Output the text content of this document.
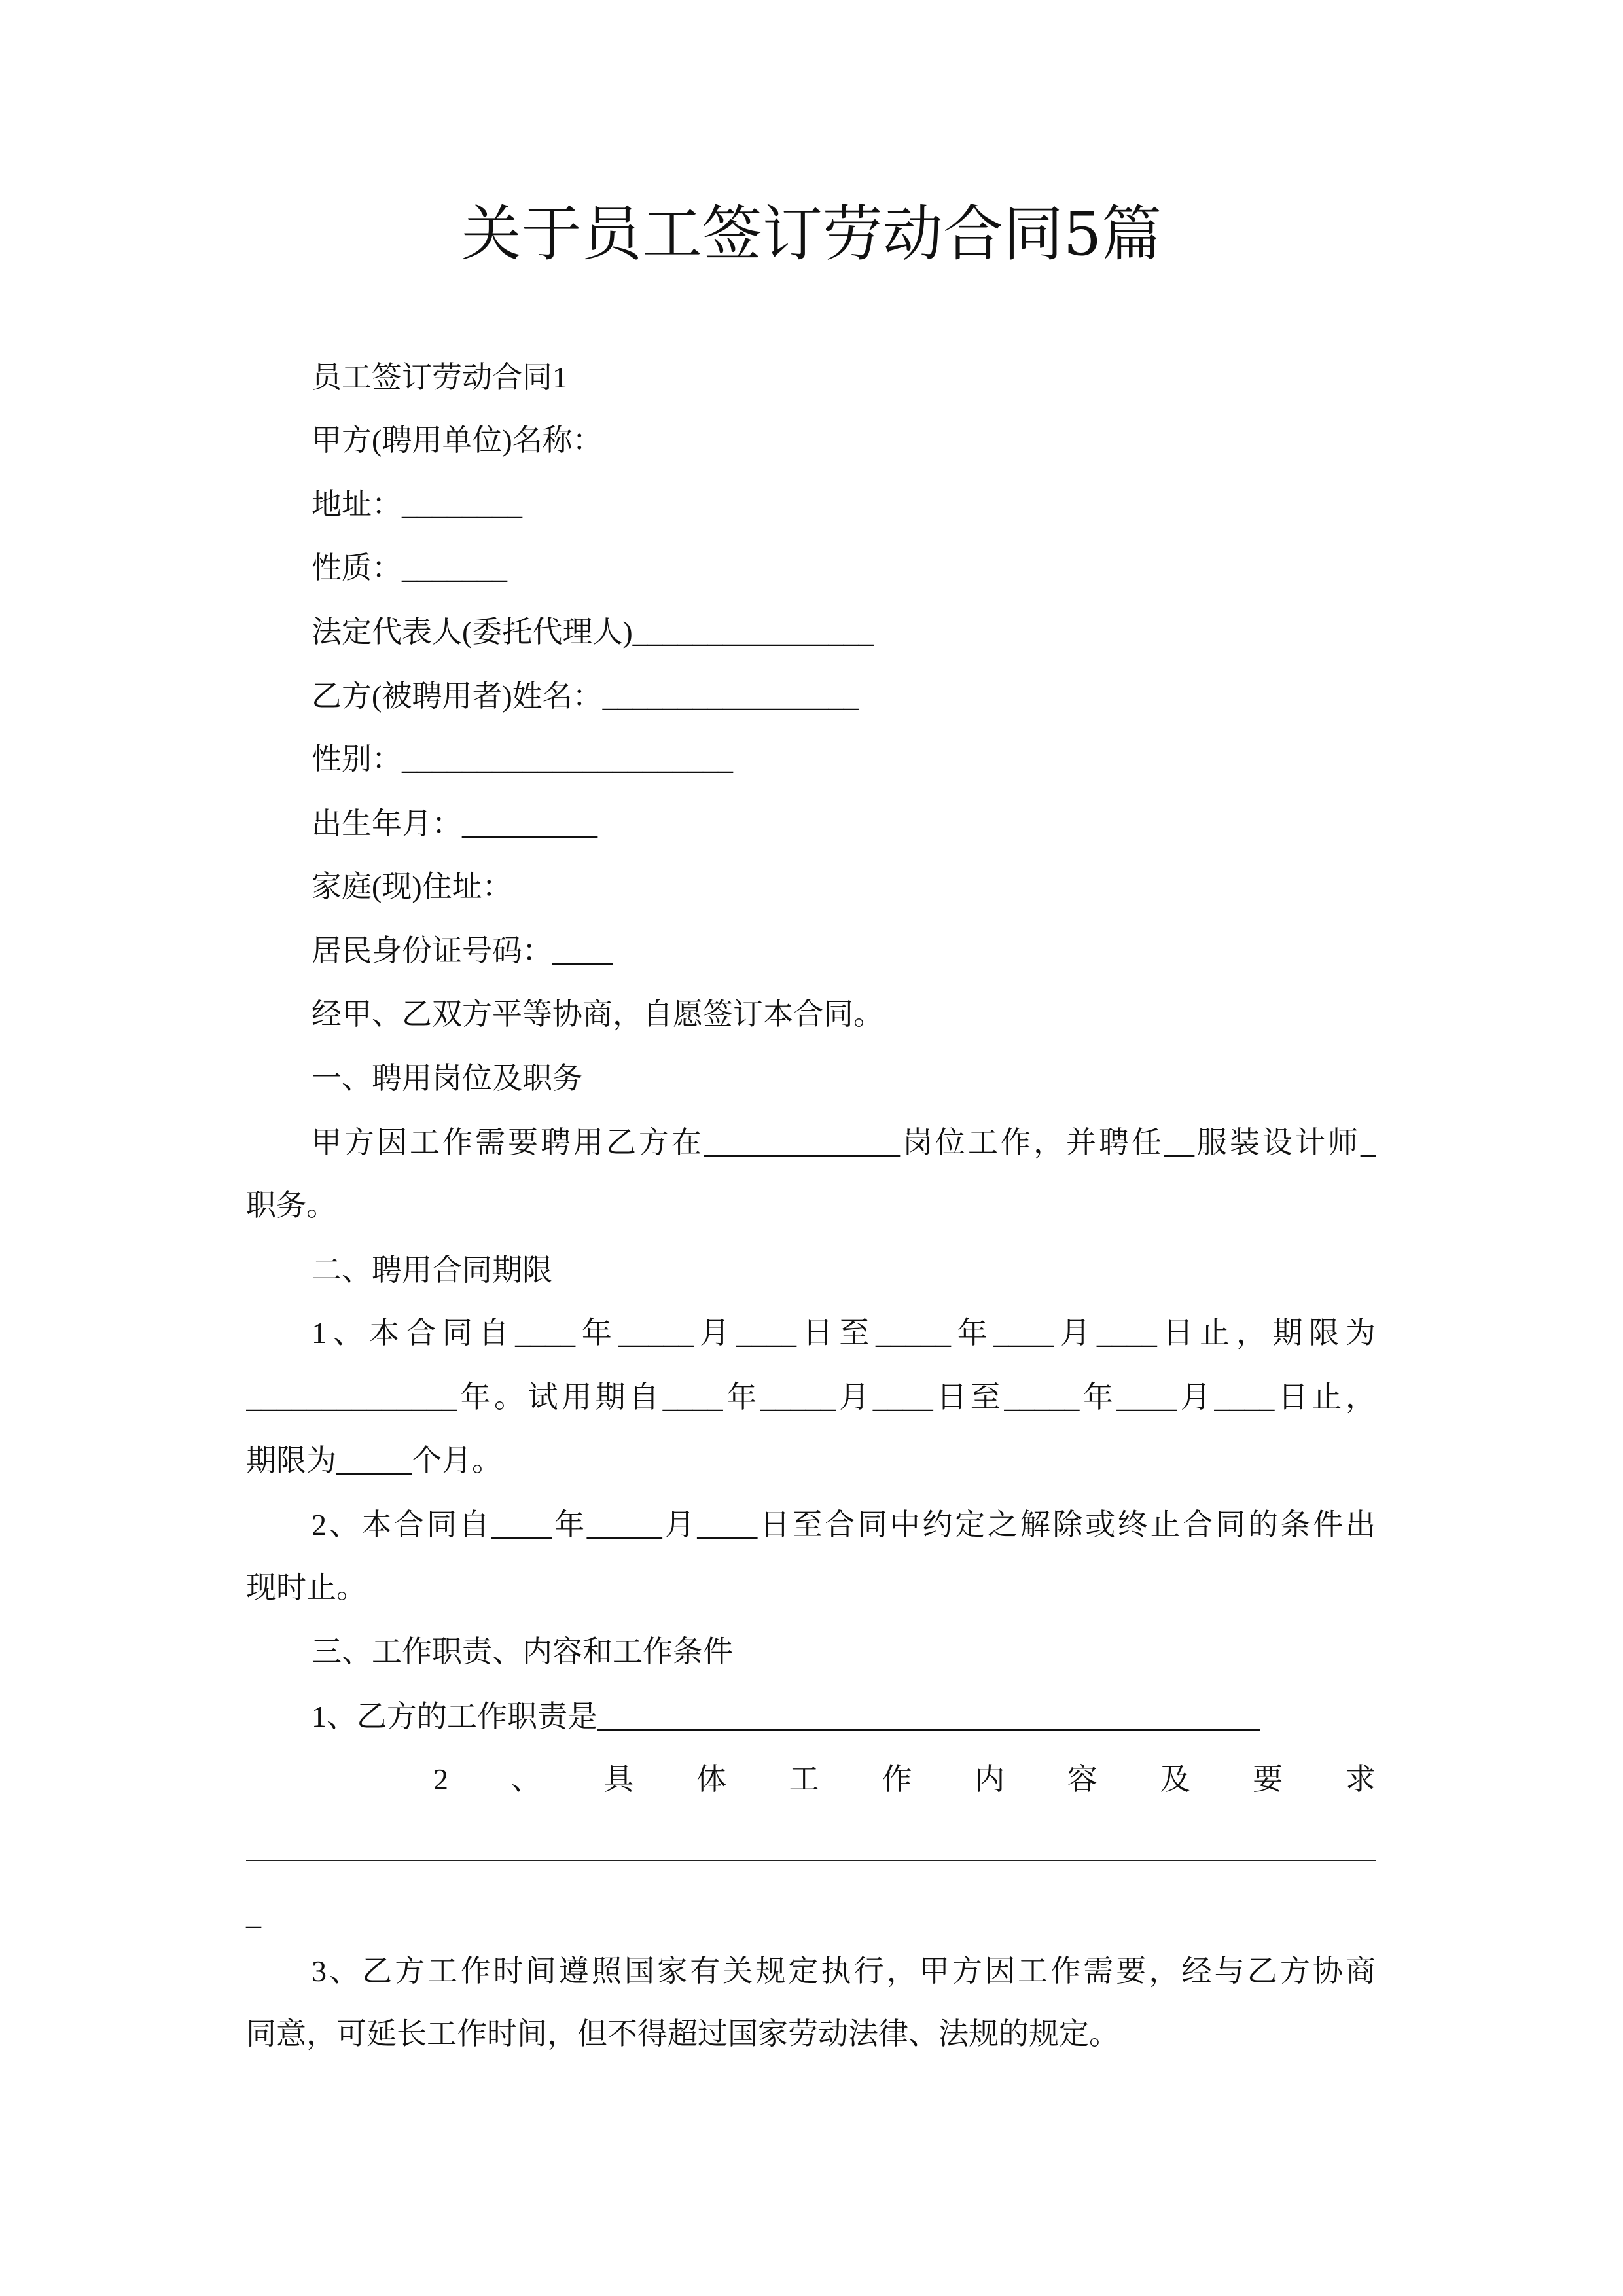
关于员工签订劳动合同5篇
员工签订劳动合同1
甲方(聘用单位)名称：
地址：________
性质：_______
法定代表人(委托代理人)________________
乙方(被聘用者)姓名：_________________
性别：______________________
出生年月：_________
家庭(现)住址：
居民身份证号码：____
经甲、乙双方平等协商，自愿签订本合同。
一、聘用岗位及职务
甲方因工作需要聘用乙方在_____________岗位工作，并聘任__服装设计师_
职务。
二、聘用合同期限
1、本合同自____年_____月____日至_____年____月____日止，期限为
______________年。试用期自____年_____月____日至_____年____月____日止，
期限为_____个月。
2、本合同自____年_____月____日至合同中约定之解除或终止合同的条件出
现时止。
三、工作职责、内容和工作条件
1、乙方的工作职责是____________________________________________
2、具体工作内容及要求
_
3、乙方工作时间遵照国家有关规定执行，甲方因工作需要，经与乙方协商
同意，可延长工作时间，但不得超过国家劳动法律、法规的规定。
